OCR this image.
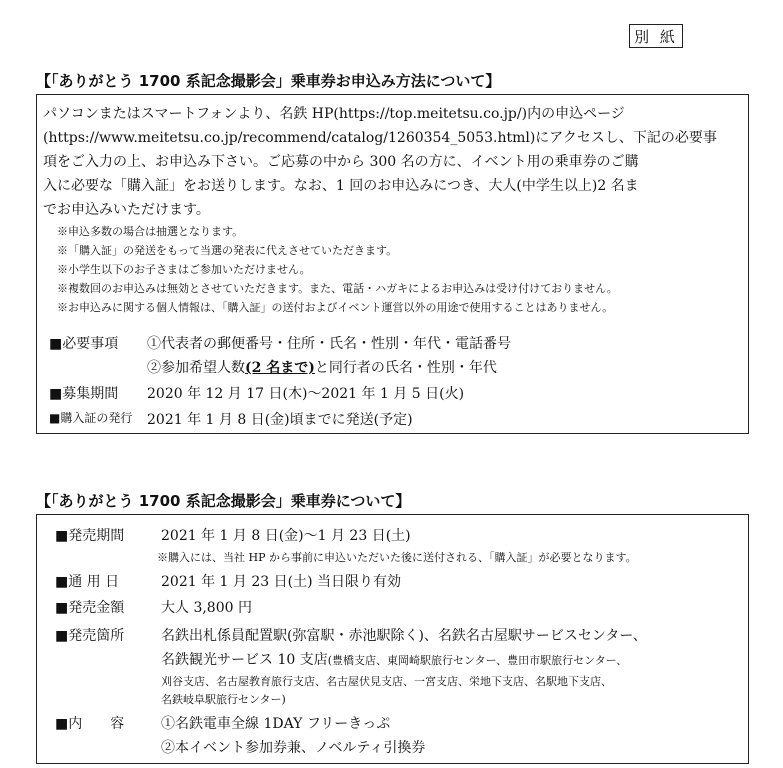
別 紙
【「ありがとう 1700 系記念撮影会」乗車券お申込み方法について】
パソコンまたはスマートフォンより、名鉄 HP(https://top.meitetsu.co.jp/)内の申込ページ
(https://www.meitetsu.co.jp/recommend/catalog/1260354_5053.html)にアクセスし、下記の必要事
項をご入力の上、お申込み下さい。ご応募の中から 300 名の方に、イベント用の乗車券のご購
入に必要な「購入証」をお送りします。なお、1 回のお申込みにつき、大人(中学生以上)2 名ま
でお申込みいただけます。
※申込多数の場合は抽選となります。
※「購入証」の発送をもって当選の発表に代えさせていただきます。
※小学生以下のお子さまはご参加いただけません。
※複数回のお申込みは無効とさせていただきます。また、電話・ハガキによるお申込みは受け付けておりません。
※お申込みに関する個人情報は、「購入証」の送付およびイベント運営以外の用途で使用することはありません。
■必要事項 ①代表者の郵便番号・住所・氏名・性別・年代・電話番号
②参加希望人数(2 名まで)と同行者の氏名・性別・年代
■募集期間 2020 年 12 月 17 日(木)～2021 年 1 月 5 日(火)
■購入証の発行 2021 年 1 月 8 日(金)頃までに発送(予定)
【「ありがとう 1700 系記念撮影会」乗車券について】
■発売期間	2021 年 1 月 8 日(金)～1 月 23 日(土)
※購入には、当社 HP から事前に申込いただいた後に送付される、「購入証」が必要となります。
■通 用 日	2021 年 1 月 23 日(土) 当日限り有効
■発売金額	大人 3,800 円
■発売箇所	名鉄出札係員配置駅(弥富駅・赤池駅除く)、名鉄名古屋駅サービスセンター、
名鉄観光サービス 10 支店(豊橋支店、東岡崎駅旅行センター、豊田市駅旅行センター、
刈谷支店、名古屋教育旅行支店、名古屋伏見支店、一宮支店、栄地下支店、名駅地下支店、
名鉄岐阜駅旅行センター)
■内　　容	①名鉄電車全線 1DAY フリーきっぷ
②本イベント参加券兼、ノベルティ引換券
